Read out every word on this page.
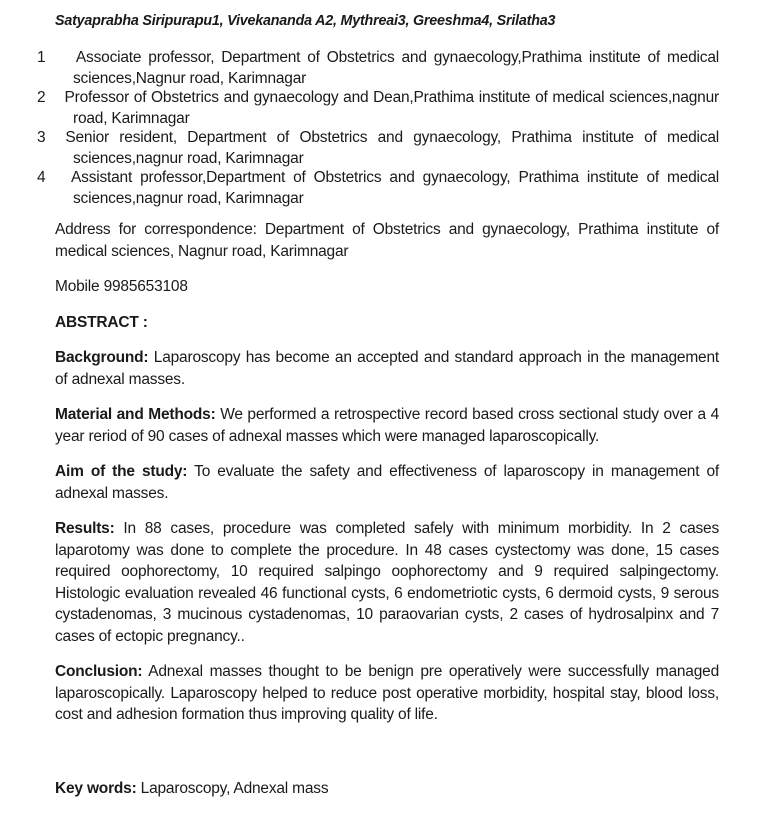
Satyaprabha Siripurapu1, Vivekananda A2, Mythreai3, Greeshma4, Srilatha3

1 Associate professor, Department of Obstetrics and gynaecology,Prathima institute of medical sciences,Nagnur road, Karimnagar

2 Professor of Obstetrics and gynaecology and Dean,Prathima institute of medical sciences,nagnur road, Karimnagar

3 Senior resident, Department of Obstetrics and gynaecology, Prathima institute of medical sciences,nagnur road, Karimnagar

4 Assistant professor,Department of Obstetrics and gynaecology, Prathima institute of medical sciences,nagnur road, Karimnagar

Address for correspondence: Department of Obstetrics and gynaecology, Prathima institute of medical sciences, Nagnur road, Karimnagar

Mobile 9985653108

ABSTRACT :

Background: Laparoscopy has become an accepted and standard approach in the management of adnexal masses.

Material and Methods: We performed a retrospective record based cross sectional study over a 4 year reriod of 90 cases of adnexal masses which were managed laparoscopically.

Aim of the study: To evaluate the safety and effectiveness of laparoscopy in management of adnexal masses.

Results: In 88 cases, procedure was completed safely with minimum morbidity. In 2 cases laparotomy was done to complete the procedure. In 48 cases cystectomy was done, 15 cases required oophorectomy, 10 required salpingo oophorectomy and 9 required salpingectomy. Histologic evaluation revealed 46 functional cysts, 6 endometriotic cysts, 6 dermoid cysts, 9 serous cystadenomas, 3 mucinous cystadenomas, 10 paraovarian cysts, 2 cases of hydrosalpinx and 7 cases of ectopic pregnancy..

Conclusion: Adnexal masses thought to be benign pre operatively were successfully managed laparoscopically. Laparoscopy helped to reduce post operative morbidity, hospital stay, blood loss, cost and adhesion formation thus improving quality of life.

Key words: Laparoscopy, Adnexal mass
